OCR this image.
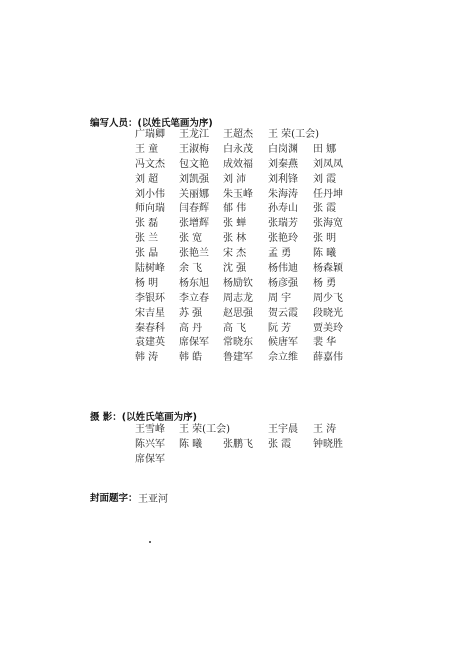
编写人员：(以姓氏笔画为序)
广瑞卿 王龙江 王超杰 王 荣(工会)
王 童 王淑梅 白永茂 白岗渊 田 娜
冯文杰 包文艳 成效福 刘秦燕 刘凤凤
刘 超 刘凯强 刘 沛 刘利锋 刘 霞
刘小伟 关丽娜 朱玉峰 朱海涛 任丹坤
师向瑞 闫春辉 郁 伟 孙寿山 张 霞
张 磊 张增辉 张 蝉 张瑞芳 张海宽
张 兰 张 宽 张 林 张艳玲 张 明
张 晶 张艳兰 宋 杰 孟 勇 陈 曦
陆树峰 余 飞 沈 强 杨伟迪 杨森颖
杨 明 杨东旭 杨励钦 杨彦强 杨 勇
李银环 李立春 周志龙 周 宇 周少飞
宋吉星 苏 强 赵思强 贺云霞 段晓光
秦春科 高 丹 高 飞 阮 芳 贾美玲
袁建英 席保军 常晓东 候唐军 裴 华
韩 涛 韩 皓 鲁建军 佘立维 薛嘉伟
摄 影：(以姓氏笔画为序)
王雪峰 王 荣(工会)	王宇晨 王 涛
陈兴军 陈 曦 张鹏飞 张 霞 钟晓胜
席保军
封面题字： 王亚河
